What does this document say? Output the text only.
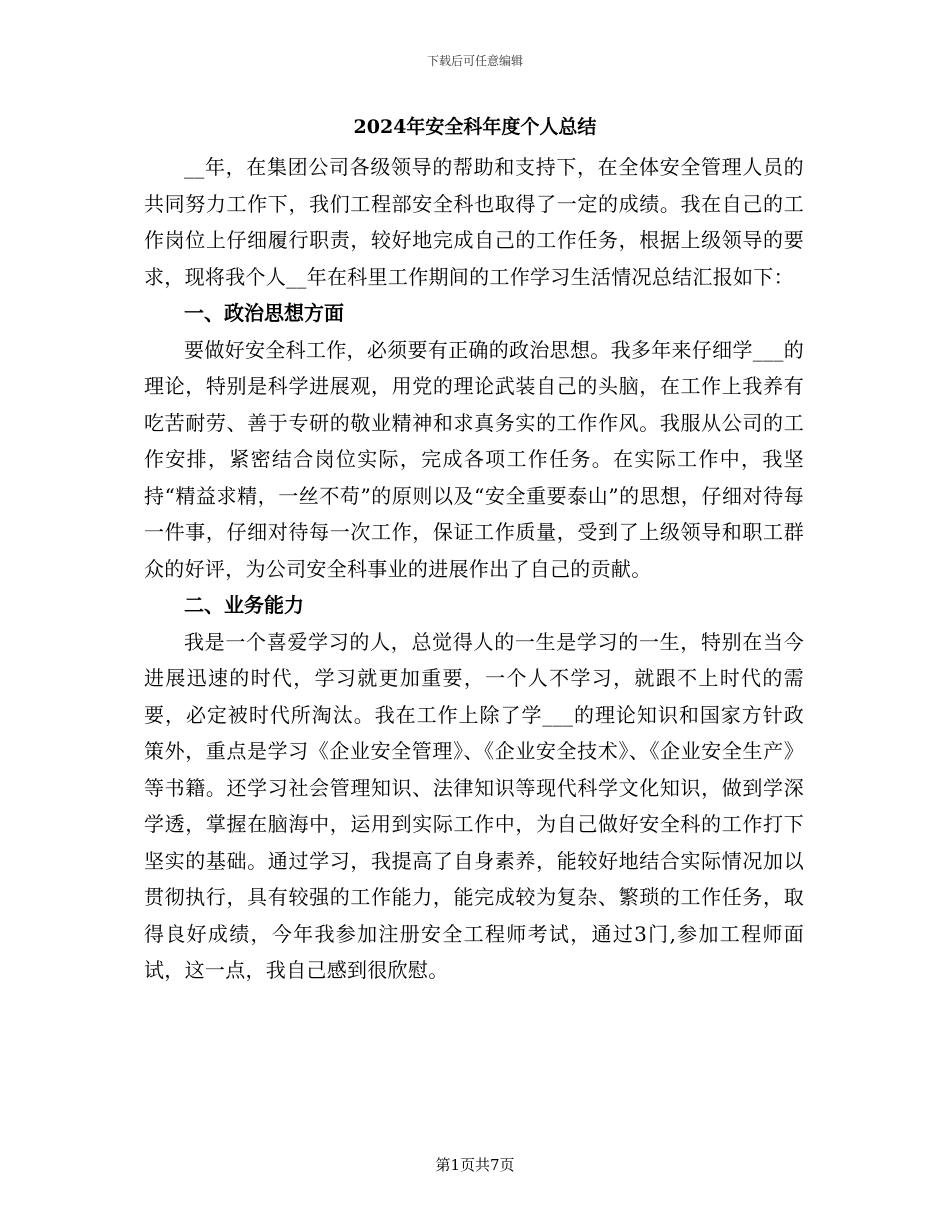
下载后可任意编辑
2024年安全科年度个人总结

__年，在集团公司各级领导的帮助和支持下，在全体安全管理人员的共同努力工作下，我们工程部安全科也取得了一定的成绩。我在自己的工作岗位上仔细履行职责，较好地完成自己的工作任务，根据上级领导的要求，现将我个人__年在科里工作期间的工作学习生活情况总结汇报如下：

一、政治思想方面

要做好安全科工作，必须要有正确的政治思想。我多年来仔细学___的理论，特别是科学进展观，用党的理论武装自己的头脑，在工作上我养有吃苦耐劳、善于专研的敬业精神和求真务实的工作作风。我服从公司的工作安排，紧密结合岗位实际，完成各项工作任务。在实际工作中，我坚持“精益求精，一丝不苟”的原则以及“安全重要泰山”的思想，仔细对待每一件事，仔细对待每一次工作，保证工作质量，受到了上级领导和职工群众的好评，为公司安全科事业的进展作出了自己的贡献。

二、业务能力

我是一个喜爱学习的人，总觉得人的一生是学习的一生，特别在当今进展迅速的时代，学习就更加重要，一个人不学习，就跟不上时代的需要，必定被时代所淘汰。我在工作上除了学___的理论知识和国家方针政策外，重点是学习《企业安全管理》、《企业安全技术》、《企业安全生产》等书籍。还学习社会管理知识、法律知识等现代科学文化知识，做到学深学透，掌握在脑海中，运用到实际工作中，为自己做好安全科的工作打下坚实的基础。通过学习，我提高了自身素养，能较好地结合实际情况加以贯彻执行，具有较强的工作能力，能完成较为复杂、繁琐的工作任务，取得良好成绩，今年我参加注册安全工程师考试，通过3门,参加工程师面试，这一点，我自己感到很欣慰。

第1页共7页
